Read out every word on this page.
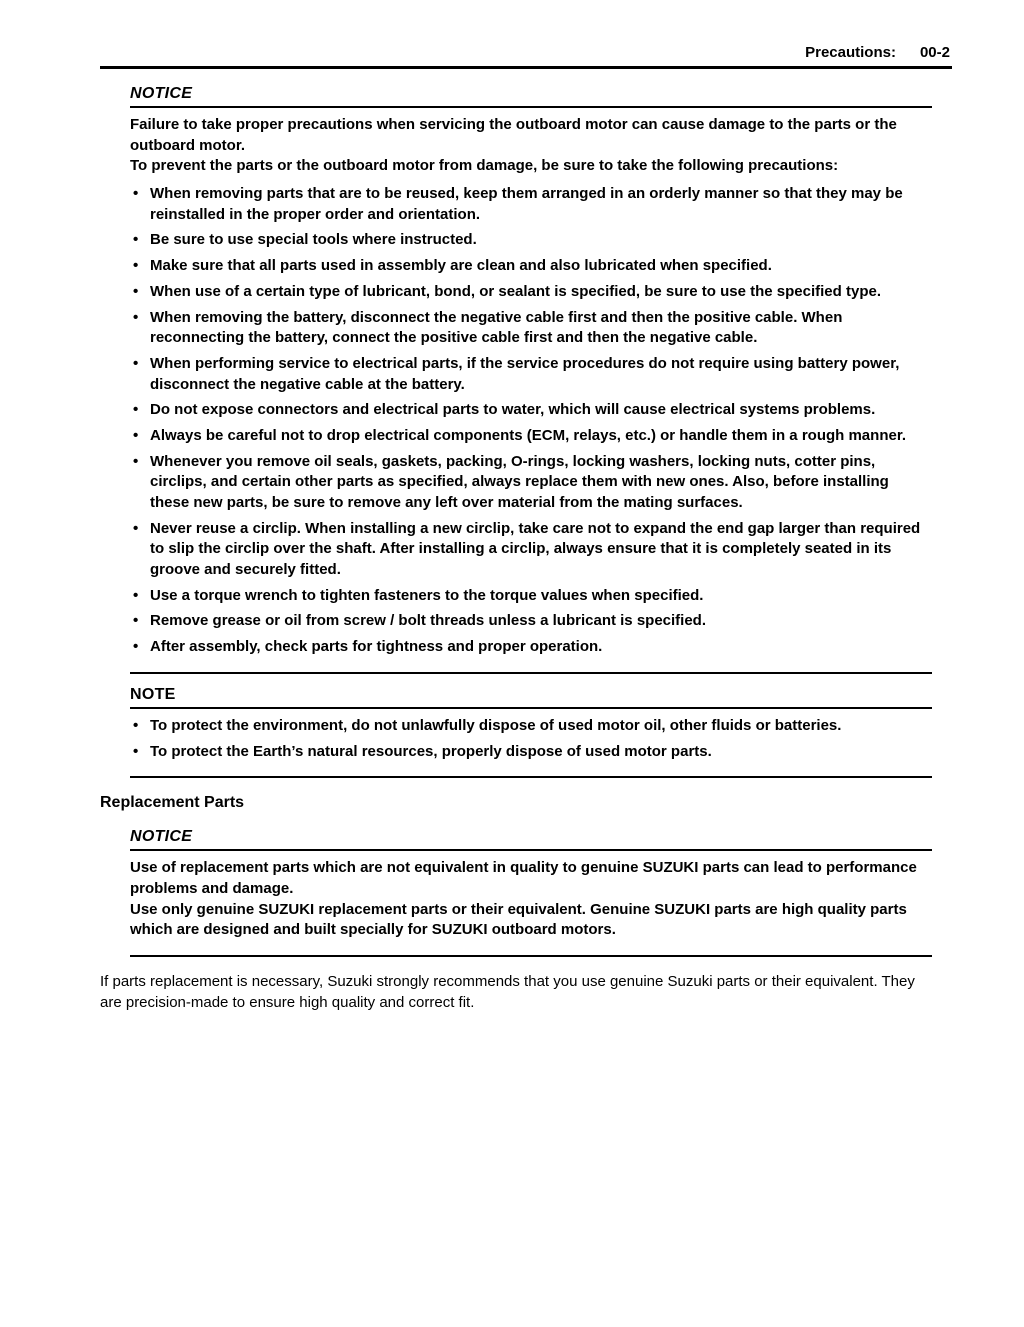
Precautions: 00-2
NOTICE

Failure to take proper precautions when servicing the outboard motor can cause damage to the parts or the outboard motor.

To prevent the parts or the outboard motor from damage, be sure to take the following precautions:

• When removing parts that are to be reused, keep them arranged in an orderly manner so that they may be reinstalled in the proper order and orientation.
• Be sure to use special tools where instructed.
• Make sure that all parts used in assembly are clean and also lubricated when specified.
• When use of a certain type of lubricant, bond, or sealant is specified, be sure to use the specified type.
• When removing the battery, disconnect the negative cable first and then the positive cable. When reconnecting the battery, connect the positive cable first and then the negative cable.
• When performing service to electrical parts, if the service procedures do not require using battery power, disconnect the negative cable at the battery.
• Do not expose connectors and electrical parts to water, which will cause electrical systems problems.
• Always be careful not to drop electrical components (ECM, relays, etc.) or handle them in a rough manner.
• Whenever you remove oil seals, gaskets, packing, O-rings, locking washers, locking nuts, cotter pins, circlips, and certain other parts as specified, always replace them with new ones. Also, before installing these new parts, be sure to remove any left over material from the mating surfaces.
• Never reuse a circlip. When installing a new circlip, take care not to expand the end gap larger than required to slip the circlip over the shaft. After installing a circlip, always ensure that it is completely seated in its groove and securely fitted.
• Use a torque wrench to tighten fasteners to the torque values when specified.
• Remove grease or oil from screw / bolt threads unless a lubricant is specified.
• After assembly, check parts for tightness and proper operation.
NOTE
• To protect the environment, do not unlawfully dispose of used motor oil, other fluids or batteries.
• To protect the Earth’s natural resources, properly dispose of used motor parts.
Replacement Parts
NOTICE

Use of replacement parts which are not equivalent in quality to genuine SUZUKI parts can lead to performance problems and damage.

Use only genuine SUZUKI replacement parts or their equivalent. Genuine SUZUKI parts are high quality parts which are designed and built specially for SUZUKI outboard motors.

If parts replacement is necessary, Suzuki strongly recommends that you use genuine Suzuki parts or their equivalent. They are precision-made to ensure high quality and correct fit.
